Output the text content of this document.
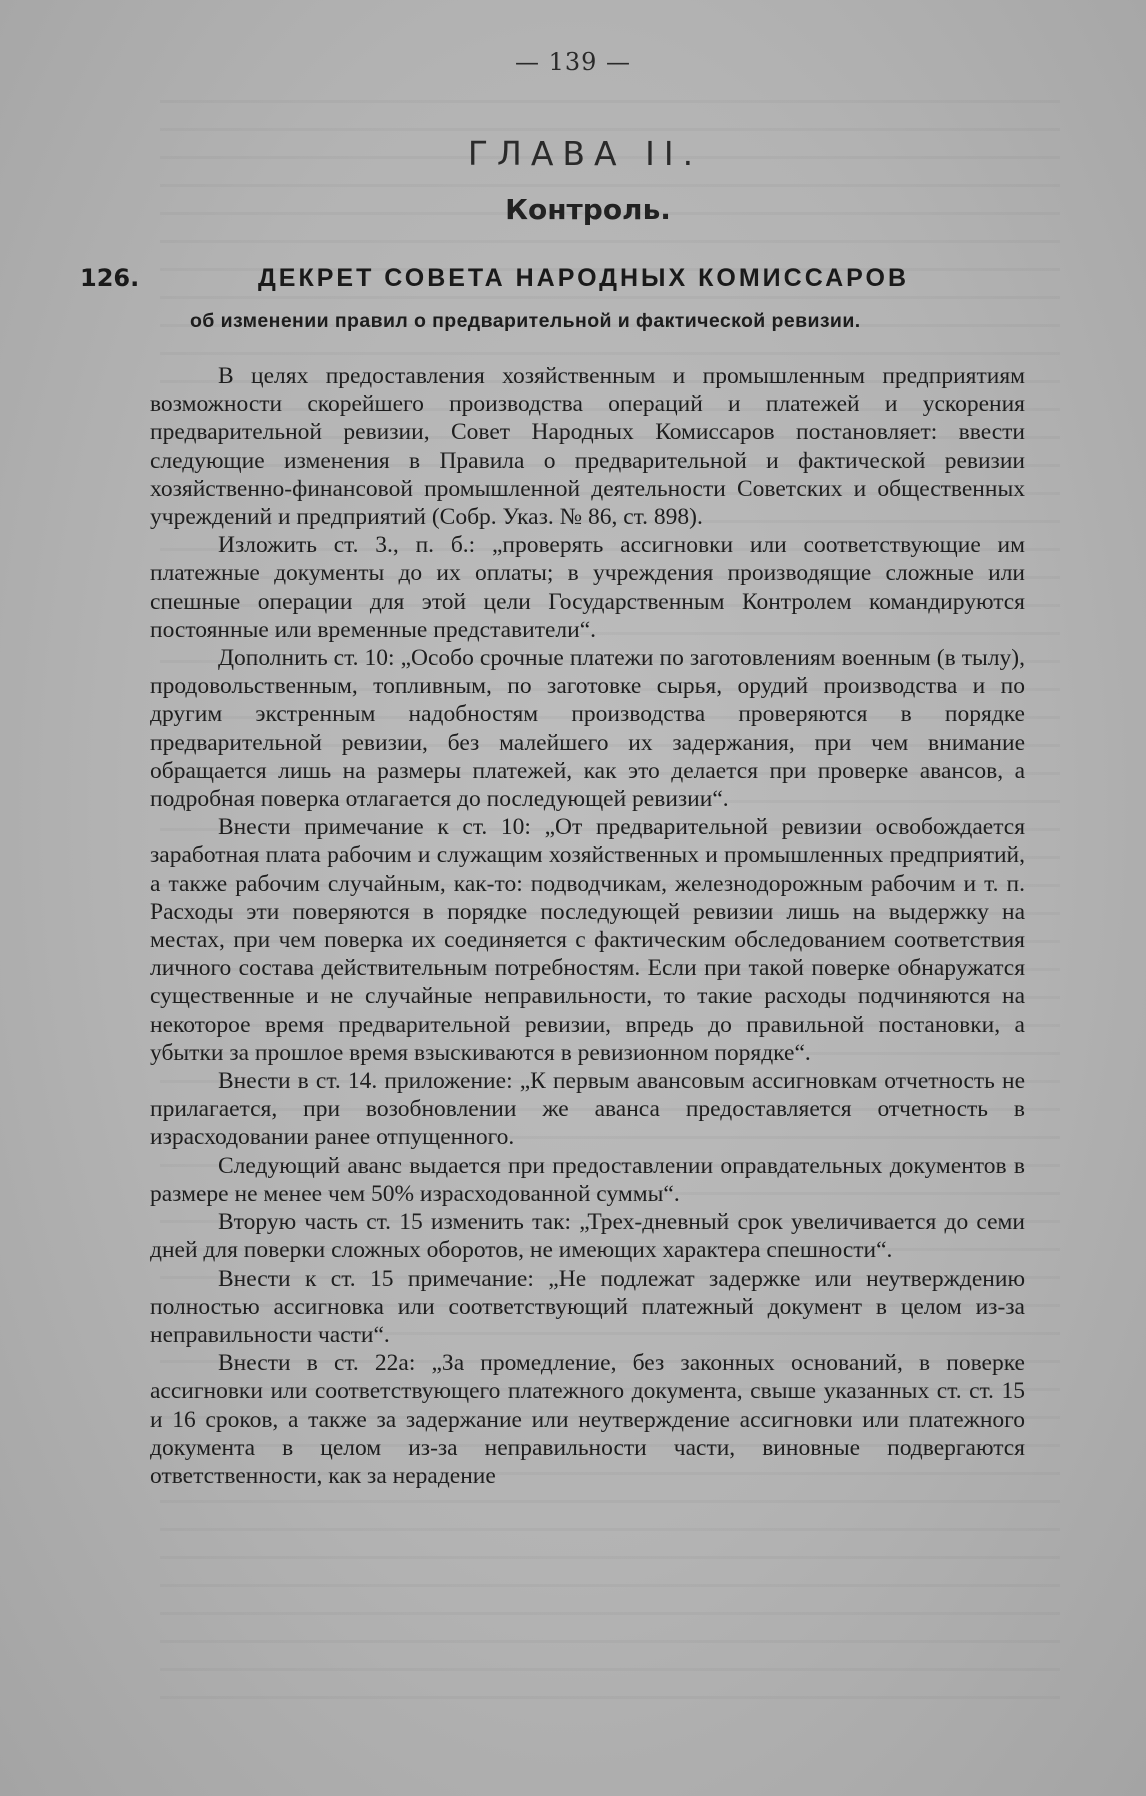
— 139 —
ГЛАВА II.
Контроль.
126.	ДЕКРЕТ СОВЕТА НАРОДНЫХ КОМИССАРОВ
об изменении правил о предварительной и фактической ревизии.

В целях предоставления хозяйственным и промышленным предприятиям возможности скорейшего производства операций и платежей и ускорения предварительной ревизии, Совет Народных Комиссаров постановляет: ввести следующие изменения в Правила о предварительной и фактической ревизии хозяйственно-финансовой промышленной деятельности Советских и общественных учреждений и предприятий (Собр. Указ. № 86, ст. 898).

Изложить ст. 3., п. б.: „проверять ассигновки или соответствующие им платежные документы до их оплаты; в учреждения производящие сложные или спешные операции для этой цели Государственным Контролем командируются постоянные или временные представители“.

Дополнить ст. 10: „Особо срочные платежи по заготовлениям военным (в тылу), продовольственным, топливным, по заготовке сырья, орудий производства и по другим экстренным надобностям производства проверяются в порядке предварительной ревизии, без малейшего их задержания, при чем внимание обращается лишь на размеры платежей, как это делается при проверке авансов, а подробная поверка отлагается до последующей ревизии“.

Внести примечание к ст. 10: „От предварительной ревизии освобождается заработная плата рабочим и служащим хозяйственных и промышленных предприятий, а также рабочим случайным, как-то: подводчикам, железнодорожным рабочим и т. п. Расходы эти поверяются в порядке последующей ревизии лишь на выдержку на местах, при чем поверка их соединяется с фактическим обследованием соответствия личного состава действительным потребностям. Если при такой поверке обнаружатся существенные и не случайные неправильности, то такие расходы подчиняются на некоторое время предварительной ревизии, впредь до правильной постановки, а убытки за прошлое время взыскиваются в ревизионном порядке“.

Внести в ст. 14. приложение: „К первым авансовым ассигновкам отчетность не прилагается, при возобновлении же аванса предоставляется отчетность в израсходовании ранее отпущенного.

Следующий аванс выдается при предоставлении оправдательных документов в размере не менее чем 50% израсходованной суммы“.

Вторую часть ст. 15 изменить так: „Трех-дневный срок увеличивается до семи дней для поверки сложных оборотов, не имеющих характера спешности“.

Внести к ст. 15 примечание: „Не подлежат задержке или неутверждению полностью ассигновка или соответствующий платежный документ в целом из-за неправильности части“.

Внести в ст. 22а: „За промедление, без законных оснований, в поверке ассигновки или соответствующего платежного документа, свыше указанных ст. ст. 15 и 16 сроков, а также за задержание или неутверждение ассигновки или платежного документа в целом из-за неправильности части, виновные подвергаются ответственности, как за нерадение
